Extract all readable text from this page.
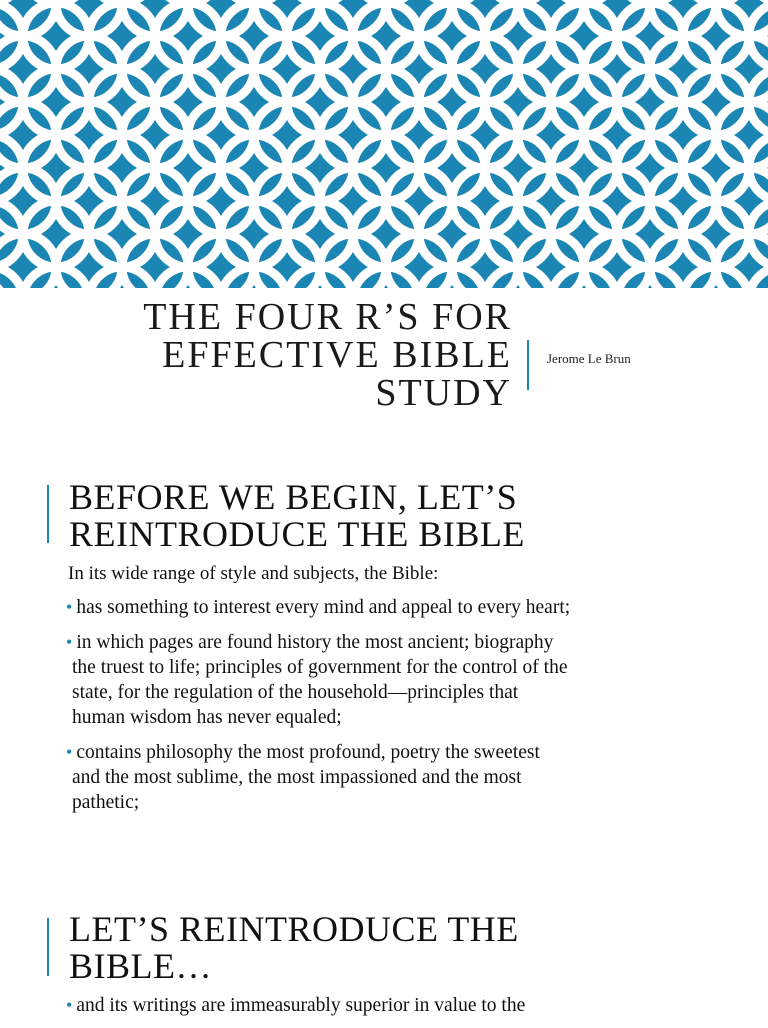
THE FOUR R’S FOR
EFFECTIVE BIBLE
STUDY
Jerome Le Brun
BEFORE WE BEGIN, LET’S
REINTRODUCE THE BIBLE
In its wide range of style and subjects, the Bible:
• has something to interest every mind and appeal to every heart;
• in which pages are found history the most ancient; biography
the truest to life; principles of government for the control of the
state, for the regulation of the household—principles that
human wisdom has never equaled;
• contains philosophy the most profound, poetry the sweetest
and the most sublime, the most impassioned and the most
pathetic;
LET’S REINTRODUCE THE
BIBLE…
• and its writings are immeasurably superior in value to the
